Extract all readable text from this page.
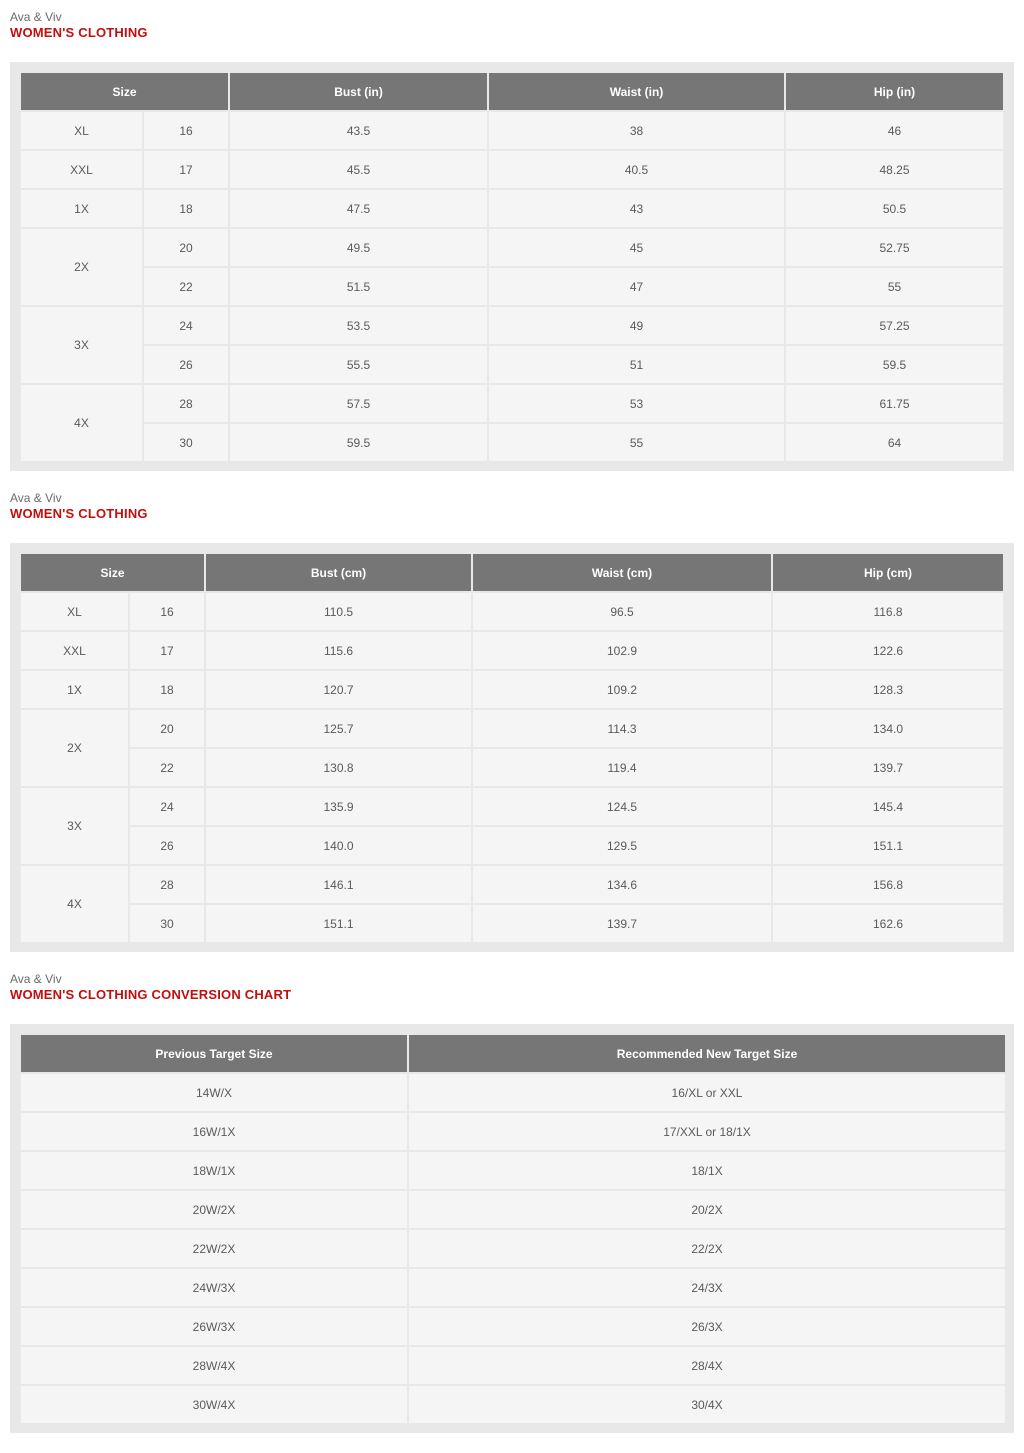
Ava & Viv
WOMEN'S CLOTHING
Size		Bust (in)	Waist (in)	Hip (in)
XL	16	43.5	38	46
XXL	17	45.5	40.5	48.25
1X	18	47.5	43	50.5
2X	20	49.5	45	52.75
	22	51.5	47	55
3X	24	53.5	49	57.25
	26	55.5	51	59.5
4X	28	57.5	53	61.75
	30	59.5	55	64
Ava & Viv
WOMEN'S CLOTHING
Size		Bust (cm)	Waist (cm)	Hip (cm)
XL	16	110.5	96.5	116.8
XXL	17	115.6	102.9	122.6
1X	18	120.7	109.2	128.3
2X	20	125.7	114.3	134.0
	22	130.8	119.4	139.7
3X	24	135.9	124.5	145.4
	26	140.0	129.5	151.1
4X	28	146.1	134.6	156.8
	30	151.1	139.7	162.6
Ava & Viv
WOMEN'S CLOTHING CONVERSION CHART
Previous Target Size	Recommended New Target Size
14W/X	16/XL or XXL
16W/1X	17/XXL or 18/1X
18W/1X	18/1X
20W/2X	20/2X
22W/2X	22/2X
24W/3X	24/3X
26W/3X	26/3X
28W/4X	28/4X
30W/4X	30/4X
